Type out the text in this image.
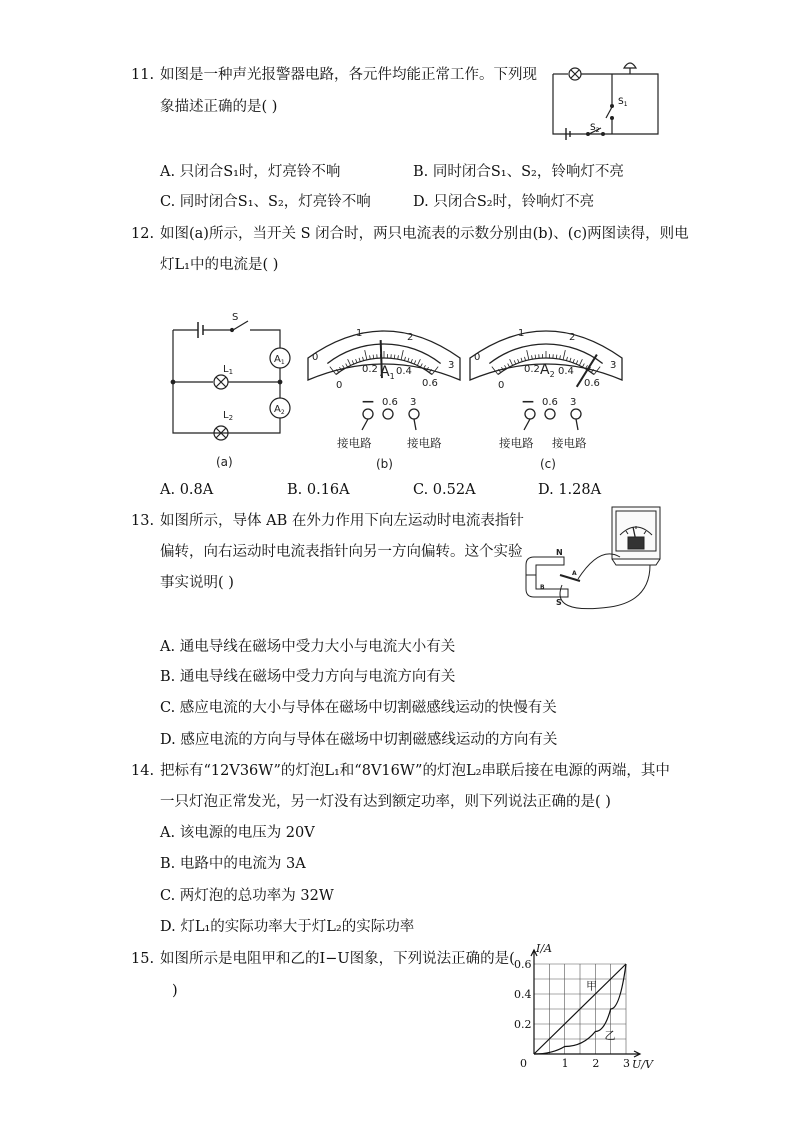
11. 如图是一种声光报警器电路，各元件均能正常工作。下列现
象描述正确的是( )	$S_1$
$S_2$
A. 只闭合S₁时，灯亮铃不响	B. 同时闭合S₁、S₂，铃响灯不亮
C. 同时闭合S₁、S₂，灯亮铃不响	D. 只闭合S₂时，铃响灯不亮
12. 如图(a)所示，当开关 S 闭合时，两只电流表的示数分别由(b)、(c)两图读得，则电
灯L₁中的电流是( )
S
$L_1$
$L_2$
$A_1$
$A_2$
(a)
0
1	2
3
0
0.2 0.4
0.6
$A_1$
— 0.6 3
接电路	接电路
(b)
0
1	2
3
0
0.2 0.4
0.6
$A_2$
— 0.6 3
接电路 接电路
(c)
A. 0.8A	B. 0.16A	C. 0.52A	D. 1.28A
13. 如图所示，导体 AB 在外力作用下向左运动时电流表指针
偏转，向右运动时电流表指针向另一方向偏转。这个实验
事实说明( )
N
S
A
B
A. 通电导线在磁场中受力大小与电流大小有关
B. 通电导线在磁场中受力方向与电流方向有关
C. 感应电流的大小与导体在磁场中切割磁感线运动的快慢有关
D. 感应电流的方向与导体在磁场中切割磁感线运动的方向有关
14. 把标有“12V36W”的灯泡L₁和“8V16W”的灯泡L₂串联后接在电源的两端，其中
一只灯泡正常发光，另一灯没有达到额定功率，则下列说法正确的是( )
A. 该电源的电压为 20V
B. 电路中的电流为 3A
C. 两灯泡的总功率为 32W
D. 灯L₁的实际功率大于灯L₂的实际功率
15. 如图所示是电阻甲和乙的I−U图象，下列说法正确的是(
)
0	1 2 3
0.2
0.4
0.6
I/A
U/V
甲
乙
